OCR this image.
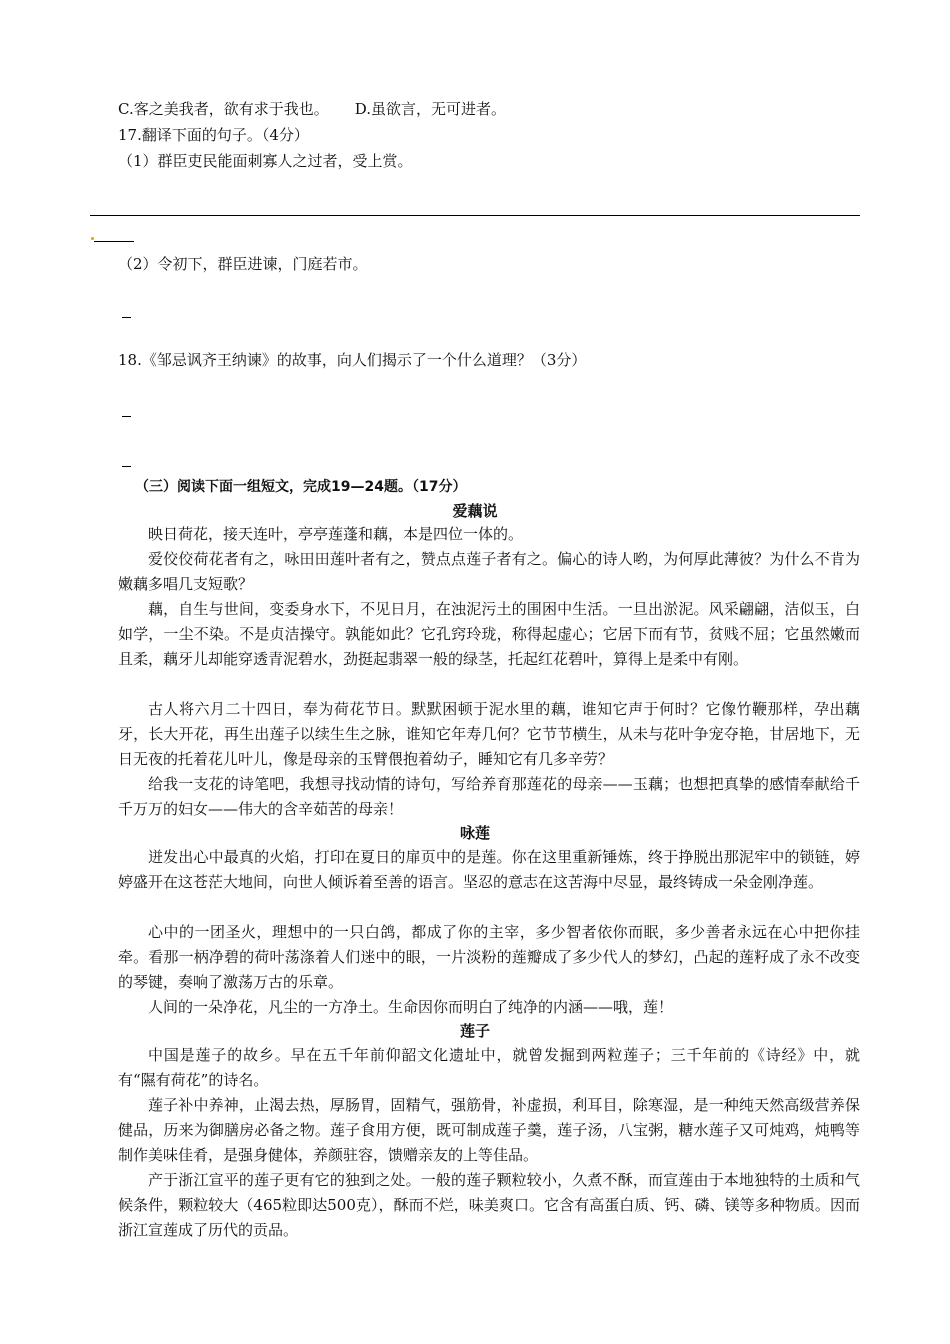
C.客之美我者，欲有求于我也。 D.虽欲言，无可进者。
17.翻译下面的句子。（4分）
（1）群臣吏民能面刺寡人之过者，受上赏。
（2）令初下，群臣进谏，门庭若市。
18.《邹忌讽齐王纳谏》的故事，向人们揭示了一个什么道理？（3分）
（三）阅读下面一组短文，完成19—24题。（17分）
爱藕说
映日荷花，接天连叶，亭亭莲蓬和藕，本是四位一体的。
爱佼佼荷花者有之，咏田田莲叶者有之，赞点点莲子者有之。偏心的诗人哟，为何厚此薄彼？为什么不肯为嫩藕多唱几支短歌？
藕，自生与世间，变委身水下，不见日月，在浊泥污土的围困中生活。一旦出淤泥。风采翩翩，洁似玉，白如学，一尘不染。不是贞洁操守。孰能如此？它孔窍玲珑，称得起虚心；它居下而有节，贫贱不屈；它虽然嫩而且柔，藕牙儿却能穿透青泥碧水，劲挺起翡翠一般的绿茎，托起红花碧叶，算得上是柔中有刚。
古人将六月二十四日，奉为荷花节日。默默困顿于泥水里的藕，谁知它声于何时？它像竹鞭那样，孕出藕牙，长大开花，再生出莲子以续生生之脉，谁知它年寿几何？它节节横生，从未与花叶争宠夺艳，甘居地下，无日无夜的托着花儿叶儿，像是母亲的玉臂偎抱着幼子，睡知它有几多辛劳？
给我一支花的诗笔吧，我想寻找动情的诗句，写给养育那莲花的母亲——玉藕；也想把真挚的感情奉献给千千万万的妇女——伟大的含辛茹苦的母亲！
咏莲
迸发出心中最真的火焰，打印在夏日的扉页中的是莲。你在这里重新锤炼，终于挣脱出那泥牢中的锁链，婷婷盛开在这苍茫大地间，向世人倾诉着至善的语言。坚忍的意志在这苦海中尽显，最终铸成一朵金刚净莲。
心中的一团圣火，理想中的一只白鸽，都成了你的主宰，多少智者依你而眠，多少善者永远在心中把你挂牵。看那一柄净碧的荷叶荡涤着人们迷中的眼，一片淡粉的莲瓣成了多少代人的梦幻，凸起的莲籽成了永不改变的琴键，奏响了激荡万古的乐章。
人间的一朵净花，凡尘的一方净土。生命因你而明白了纯净的内涵——哦，莲！
莲子
中国是莲子的故乡。早在五千年前仰韶文化遗址中，就曾发掘到两粒莲子；三千年前的《诗经》中，就有“隰有荷花”的诗名。
莲子补中养神，止渴去热，厚肠胃，固精气，强筋骨，补虚损，利耳目，除寒湿，是一种纯天然高级营养保健品，历来为御膳房必备之物。莲子食用方便，既可制成莲子羹，莲子汤，八宝粥，糖水莲子又可炖鸡，炖鸭等制作美味佳肴，是强身健体，养颜驻容，馈赠亲友的上等佳品。
产于浙江宣平的莲子更有它的独到之处。一般的莲子颗粒较小，久煮不酥，而宣莲由于本地独特的土质和气候条件，颗粒较大（465粒即达500克），酥而不烂，味美爽口。它含有高蛋白质、钙、磷、镁等多种物质。因而浙江宣莲成了历代的贡品。
